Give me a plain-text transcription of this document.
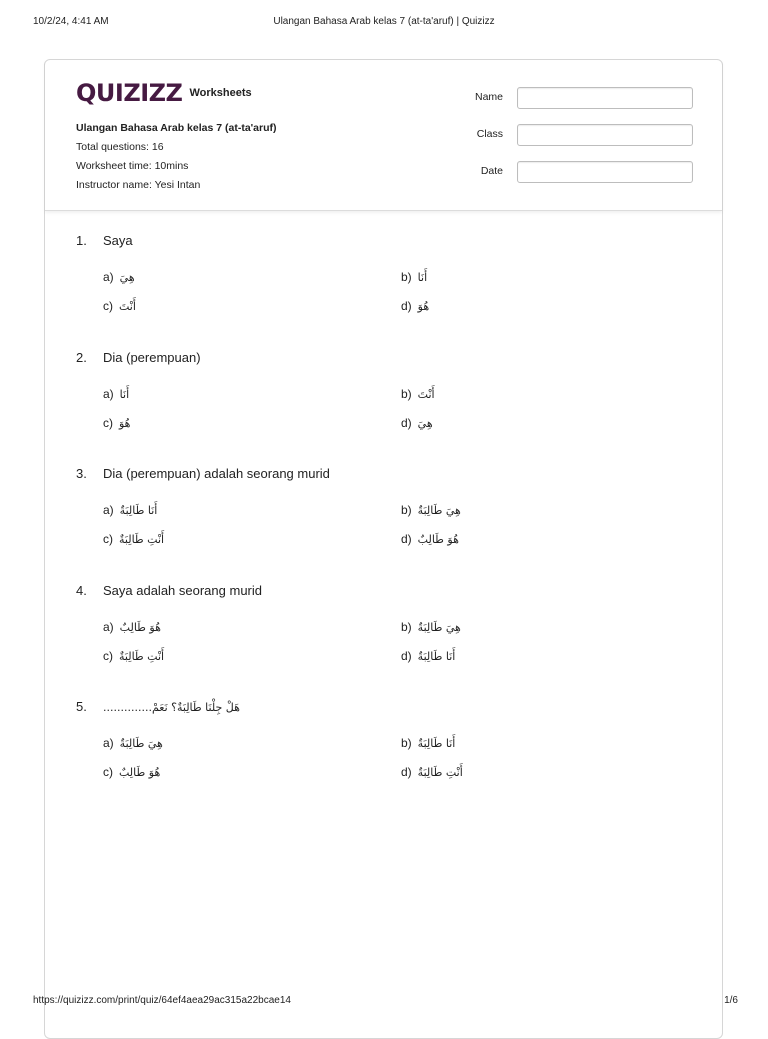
10/2/24, 4:41 AM	Ulangan Bahasa Arab kelas 7 (at-ta'aruf) | Quizizz
QUIZIZZ Worksheets
Ulangan Bahasa Arab kelas 7 (at-ta'aruf)
Total questions: 16
Worksheet time: 10mins
Instructor name: Yesi Intan
Name
Class
Date
1. Saya
a) هِيَ	b) أَنَا
c) أَنْتَ	d) هُوَ
2. Dia (perempuan)
a) أَنَا	b) أَنْتَ
c) هُوَ	d) هِيَ
3. Dia (perempuan) adalah seorang murid
a) أَنَا طَالِبَةٌ	b) هِيَ طَالِبَةٌ
c) أَنْتِ طَالِبَةٌ	d) هُوَ طَالِبٌ
4. Saya adalah seorang murid
a) هُوَ طَالِبٌ	b) هِيَ طَالِبَةٌ
c) أَنْتِ طَالِبَةٌ	d) أَنَا طَالِبَةٌ
5. هَلْ جِلْنَا طَالِبَةٌ؟ نَعَمْ..............
a) هِيَ طَالِبَةٌ	b) أَنَا طَالِبَةٌ
c) هُوَ طَالِبٌ	d) أَنْتِ طَالِبَةٌ
https://quizizz.com/print/quiz/64ef4aea29ac315a22bcae14	1/6
